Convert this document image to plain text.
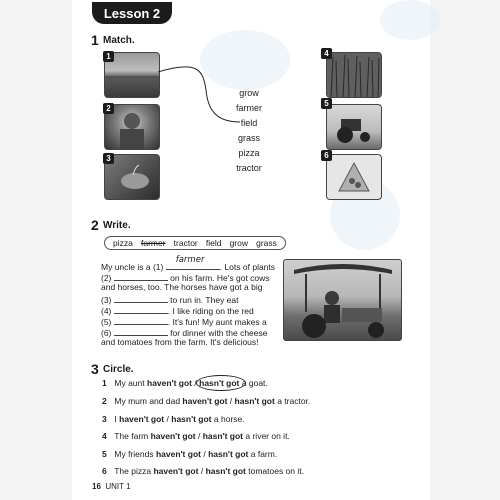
Lesson 2
1 Match.
1
2
3
4
5
6
grow
farmer
field
grass
pizza
tractor
2 Write.
pizza farmer tractor field grow grass
My uncle is a (1)
farmer
. Lots of plants
(2)	on his farm. He's got cows
and horses, too. The horses have got a big
(3)	to run in. They eat
(4)	. I like riding on the red
(5)	. It's fun! My aunt makes a
(6)	for dinner with the cheese
and tomatoes from the farm. It's delicious!
3 Circle.
1 My aunt haven't got / hasn't got a goat.
2 My mum and dad haven't got / hasn't got a tractor.
3 I haven't got / hasn't got a horse.
4 The farm haven't got / hasn't got a river on it.
5 My friends haven't got / hasn't got a farm.
6 The pizza haven't got / hasn't got tomatoes on it.
16 UNIT 1
